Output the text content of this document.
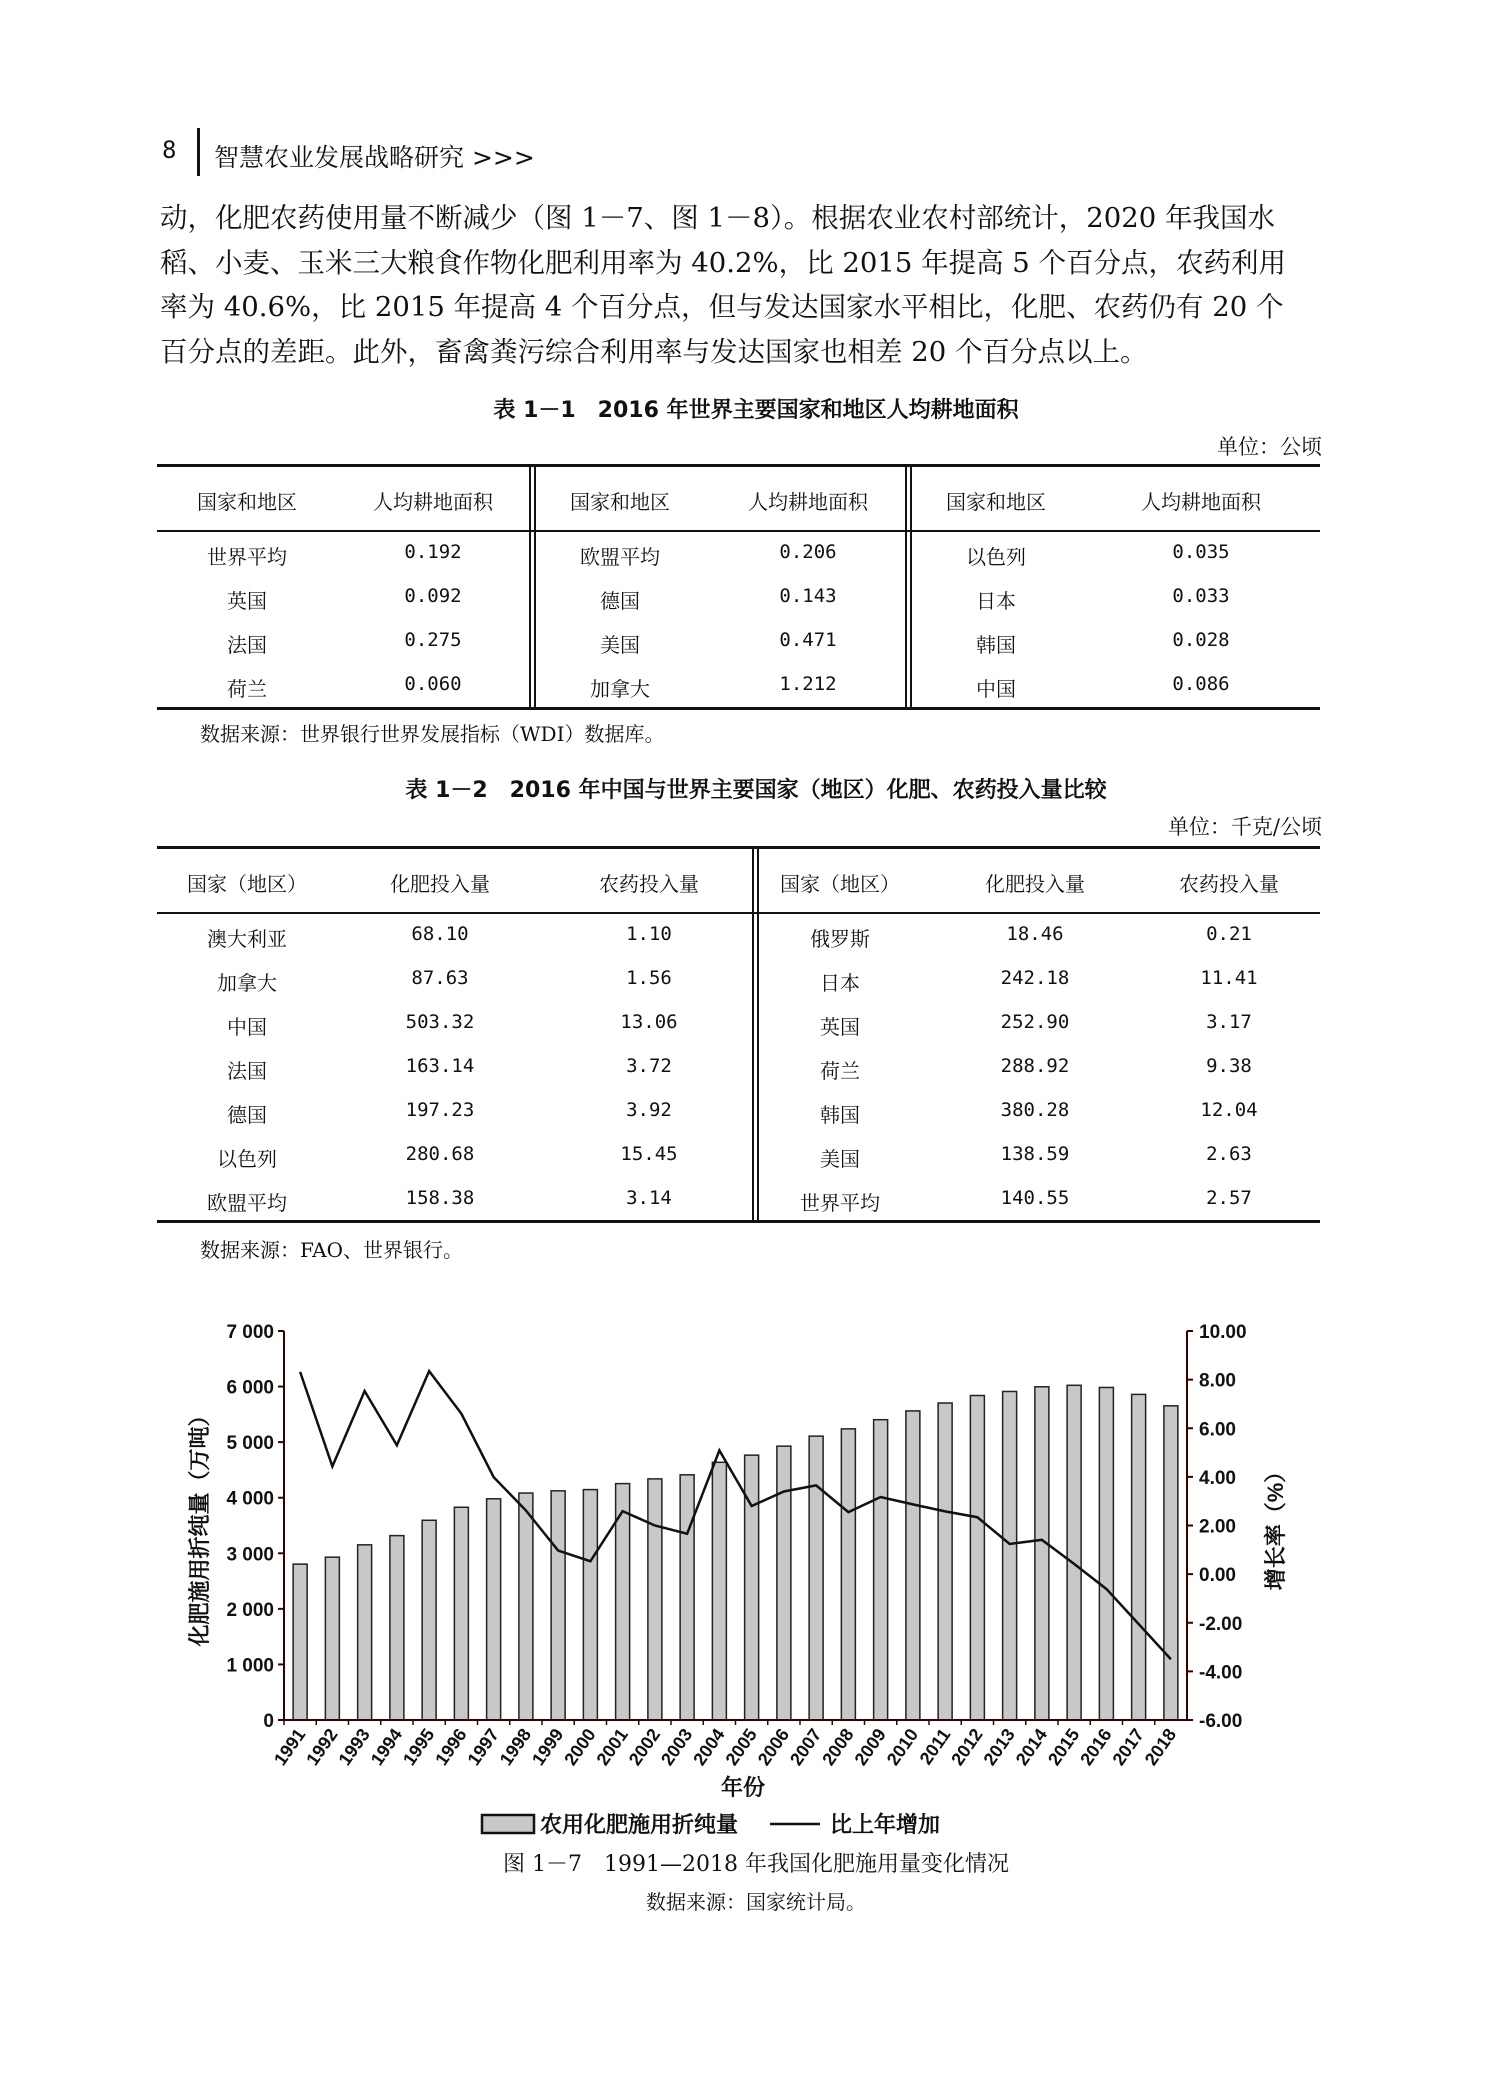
8 智慧农业发展战略研究 >>>

动，化肥农药使用量不断减少（图 1－7、图 1－8）。根据农业农村部统计，2020 年我国水

稻、小麦、玉米三大粮食作物化肥利用率为 40.2%，比 2015 年提高 5 个百分点，农药利用

率为 40.6%，比 2015 年提高 4 个百分点，但与发达国家水平相比，化肥、农药仍有 20 个

百分点的差距。此外，畜禽粪污综合利用率与发达国家也相差 20 个百分点以上。

表 1－1　2016 年世界主要国家和地区人均耕地面积
单位：公顷
国家和地区	人均耕地面积	国家和地区	人均耕地面积	国家和地区	人均耕地面积
世界平均	0.192	欧盟平均	0.206	以色列	0.035
英国	0.092	德国	0.143	日本	0.033
法国	0.275	美国	0.471	韩国	0.028
荷兰	0.060	加拿大	1.212	中国	0.086
数据来源：世界银行世界发展指标（WDI）数据库。
表 1－2　2016 年中国与世界主要国家（地区）化肥、农药投入量比较
单位：千克/公顷
国家（地区）	化肥投入量	农药投入量	国家（地区）	化肥投入量	农药投入量
澳大利亚	68.10	1.10	俄罗斯	18.46	0.21
加拿大	87.63	1.56	日本	242.18	11.41
中国	503.32	13.06	英国	252.90	3.17
法国	163.14	3.72	荷兰	288.92	9.38
德国	197.23	3.92	韩国	380.28	12.04
以色列	280.68	15.45	美国	138.59	2.63
欧盟平均	158.38	3.14	世界平均	140.55	2.57
数据来源：FAO、世界银行。
0
1 000
2 000
3 000
4 000
5 000
6 000
7 000
-6.00
-4.00
-2.00
0.00
2.00
4.00
6.00
8.00
10.00
1991
1992
1993
1994
1995
1996
1997
1998
1999
2000
2001
2002
2003
2004
2005
2006
2007
2008
2009
2010
2011
2012
2013
2014
2015
2016
2017
2018
化肥施用折纯量（万吨）	增长率（%）
年份
农用化肥施用折纯量	比上年增加
图 1－7　1991—2018 年我国化肥施用量变化情况
数据来源：国家统计局。
